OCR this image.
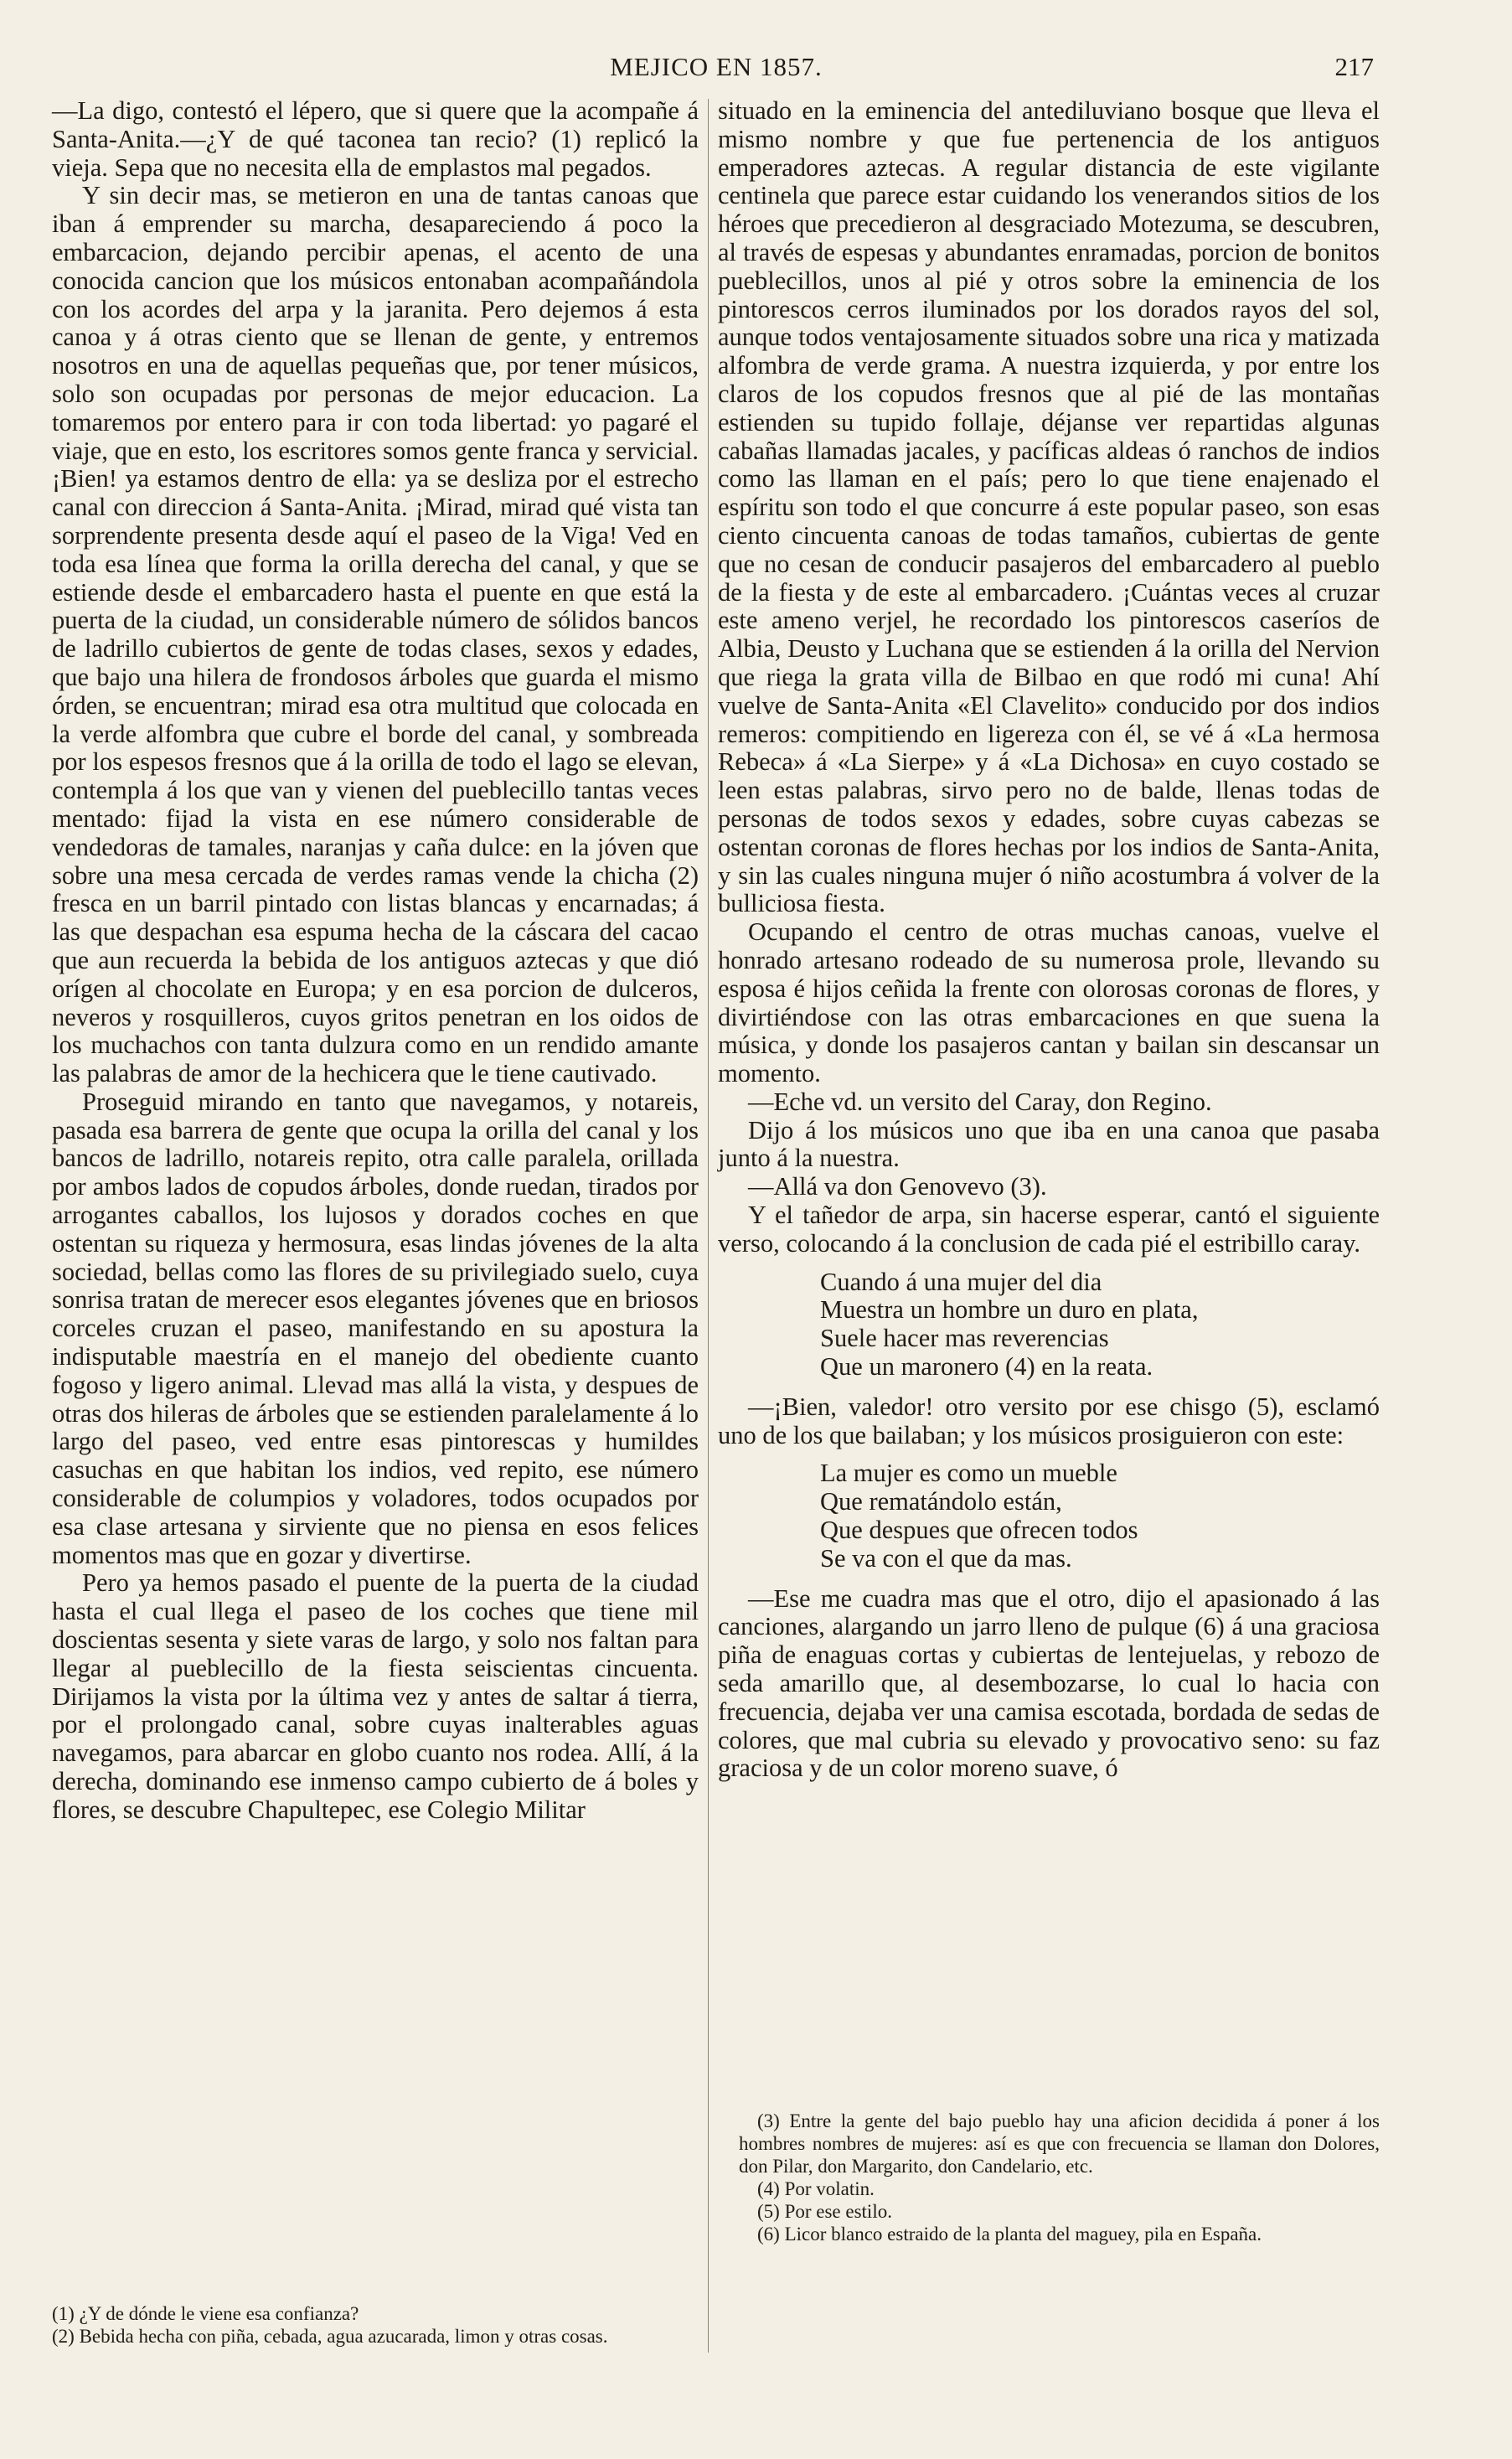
MEJICO EN 1857.	217

—La digo, contestó el lépero, que si quere que la acompañe á Santa-Anita.—¿Y de qué taconea tan recio? (1) replicó la vieja. Sepa que no necesita ella de emplastos mal pegados.

Y sin decir mas, se metieron en una de tantas canoas que iban á emprender su marcha, desapareciendo á poco la embarcacion, dejando percibir apenas, el acento de una conocida cancion que los músicos entonaban acompañándola con los acordes del arpa y la jaranita. Pero dejemos á esta canoa y á otras ciento que se llenan de gente, y entremos nosotros en una de aquellas pequeñas que, por tener músicos, solo son ocupadas por personas de mejor educacion. La tomaremos por entero para ir con toda libertad: yo pagaré el viaje, que en esto, los escritores somos gente franca y servicial. ¡Bien! ya estamos dentro de ella: ya se desliza por el estrecho canal con direccion á Santa-Anita. ¡Mirad, mirad qué vista tan sorprendente presenta desde aquí el paseo de la Viga! Ved en toda esa línea que forma la orilla derecha del canal, y que se estiende desde el embarcadero hasta el puente en que está la puerta de la ciudad, un considerable número de sólidos bancos de ladrillo cubiertos de gente de todas clases, sexos y edades, que bajo una hilera de frondosos árboles que guarda el mismo órden, se encuentran; mirad esa otra multitud que colocada en la verde alfombra que cubre el borde del canal, y sombreada por los espesos fresnos que á la orilla de todo el lago se elevan, contempla á los que van y vienen del pueblecillo tantas veces mentado: fijad la vista en ese número considerable de vendedoras de tamales, naranjas y caña dulce: en la jóven que sobre una mesa cercada de verdes ramas vende la chicha (2) fresca en un barril pintado con listas blancas y encarnadas; á las que despachan esa espuma hecha de la cáscara del cacao que aun recuerda la bebida de los antiguos aztecas y que dió orígen al chocolate en Europa; y en esa porcion de dulceros, neveros y rosquilleros, cuyos gritos penetran en los oidos de los muchachos con tanta dulzura como en un rendido amante las palabras de amor de la hechicera que le tiene cautivado.

Proseguid mirando en tanto que navegamos, y notareis, pasada esa barrera de gente que ocupa la orilla del canal y los bancos de ladrillo, notareis repito, otra calle paralela, orillada por ambos lados de copudos árboles, donde ruedan, tirados por arrogantes caballos, los lujosos y dorados coches en que ostentan su riqueza y hermosura, esas lindas jóvenes de la alta sociedad, bellas como las flores de su privilegiado suelo, cuya sonrisa tratan de merecer esos elegantes jóvenes que en briosos corceles cruzan el paseo, manifestando en su apostura la indisputable maestría en el manejo del obediente cuanto fogoso y ligero animal. Llevad mas allá la vista, y despues de otras dos hileras de árboles que se estienden paralelamente á lo largo del paseo, ved entre esas pintorescas y humildes casuchas en que habitan los indios, ved repito, ese número considerable de columpios y voladores, todos ocupados por esa clase artesana y sirviente que no piensa en esos felices momentos mas que en gozar y divertirse.

Pero ya hemos pasado el puente de la puerta de la ciudad hasta el cual llega el paseo de los coches que tiene mil doscientas sesenta y siete varas de largo, y solo nos faltan para llegar al pueblecillo de la fiesta seiscientas cincuenta. Dirijamos la vista por la última vez y antes de saltar á tierra, por el prolongado canal, sobre cuyas inalterables aguas navegamos, para abarcar en globo cuanto nos rodea. Allí, á la derecha, dominando ese inmenso campo cubierto de á boles y flores, se descubre Chapultepec, ese Colegio Militar

situado en la eminencia del antediluviano bosque que lleva el mismo nombre y que fue pertenencia de los antiguos emperadores aztecas. A regular distancia de este vigilante centinela que parece estar cuidando los venerandos sitios de los héroes que precedieron al desgraciado Motezuma, se descubren, al través de espesas y abundantes enramadas, porcion de bonitos pueblecillos, unos al pié y otros sobre la eminencia de los pintorescos cerros iluminados por los dorados rayos del sol, aunque todos ventajosamente situados sobre una rica y matizada alfombra de verde grama. A nuestra izquierda, y por entre los claros de los copudos fresnos que al pié de las montañas estienden su tupido follaje, déjanse ver repartidas algunas cabañas llamadas jacales, y pacíficas aldeas ó ranchos de indios como las llaman en el país; pero lo que tiene enajenado el espíritu son todo el que concurre á este popular paseo, son esas ciento cincuenta canoas de todas tamaños, cubiertas de gente que no cesan de conducir pasajeros del embarcadero al pueblo de la fiesta y de este al embarcadero. ¡Cuántas veces al cruzar este ameno verjel, he recordado los pintorescos caseríos de Albia, Deusto y Luchana que se estienden á la orilla del Nervion que riega la grata villa de Bilbao en que rodó mi cuna! Ahí vuelve de Santa-Anita «El Clavelito» conducido por dos indios remeros: compitiendo en ligereza con él, se vé á «La hermosa Rebeca» á «La Sierpe» y á «La Dichosa» en cuyo costado se leen estas palabras, sirvo pero no de balde, llenas todas de personas de todos sexos y edades, sobre cuyas cabezas se ostentan coronas de flores hechas por los indios de Santa-Anita, y sin las cuales ninguna mujer ó niño acostumbra á volver de la bulliciosa fiesta.

Ocupando el centro de otras muchas canoas, vuelve el honrado artesano rodeado de su numerosa prole, llevando su esposa é hijos ceñida la frente con olorosas coronas de flores, y divirtiéndose con las otras embarcaciones en que suena la música, y donde los pasajeros cantan y bailan sin descansar un momento.

—Eche vd. un versito del Caray, don Regino.

Dijo á los músicos uno que iba en una canoa que pasaba junto á la nuestra.

—Allá va don Genovevo (3).

Y el tañedor de arpa, sin hacerse esperar, cantó el siguiente verso, colocando á la conclusion de cada pié el estribillo caray.

Cuando á una mujer del dia
Muestra un hombre un duro en plata,
Suele hacer mas reverencias
Que un maronero (4) en la reata.

—¡Bien, valedor! otro versito por ese chisgo (5), esclamó uno de los que bailaban; y los músicos prosiguieron con este:

La mujer es como un mueble
Que rematándolo están,
Que despues que ofrecen todos
Se va con el que da mas.

—Ese me cuadra mas que el otro, dijo el apasionado á las canciones, alargando un jarro lleno de pulque (6) á una graciosa piña de enaguas cortas y cubiertas de lentejuelas, y rebozo de seda amarillo que, al desembozarse, lo cual lo hacia con frecuencia, dejaba ver una camisa escotada, bordada de sedas de colores, que mal cubria su elevado y provocativo seno: su faz graciosa y de un color moreno suave, ó

(3) Entre la gente del bajo pueblo hay una aficion decidida á poner á los hombres nombres de mujeres: así es que con frecuencia se llaman don Dolores, don Pilar, don Margarito, don Candelario, etc.

(4) Por volatin.

(5) Por ese estilo.

(6) Licor blanco estraido de la planta del maguey, pila en España.

(1) ¿Y de dónde le viene esa confianza?

(2) Bebida hecha con piña, cebada, agua azucarada, limon y otras cosas.
